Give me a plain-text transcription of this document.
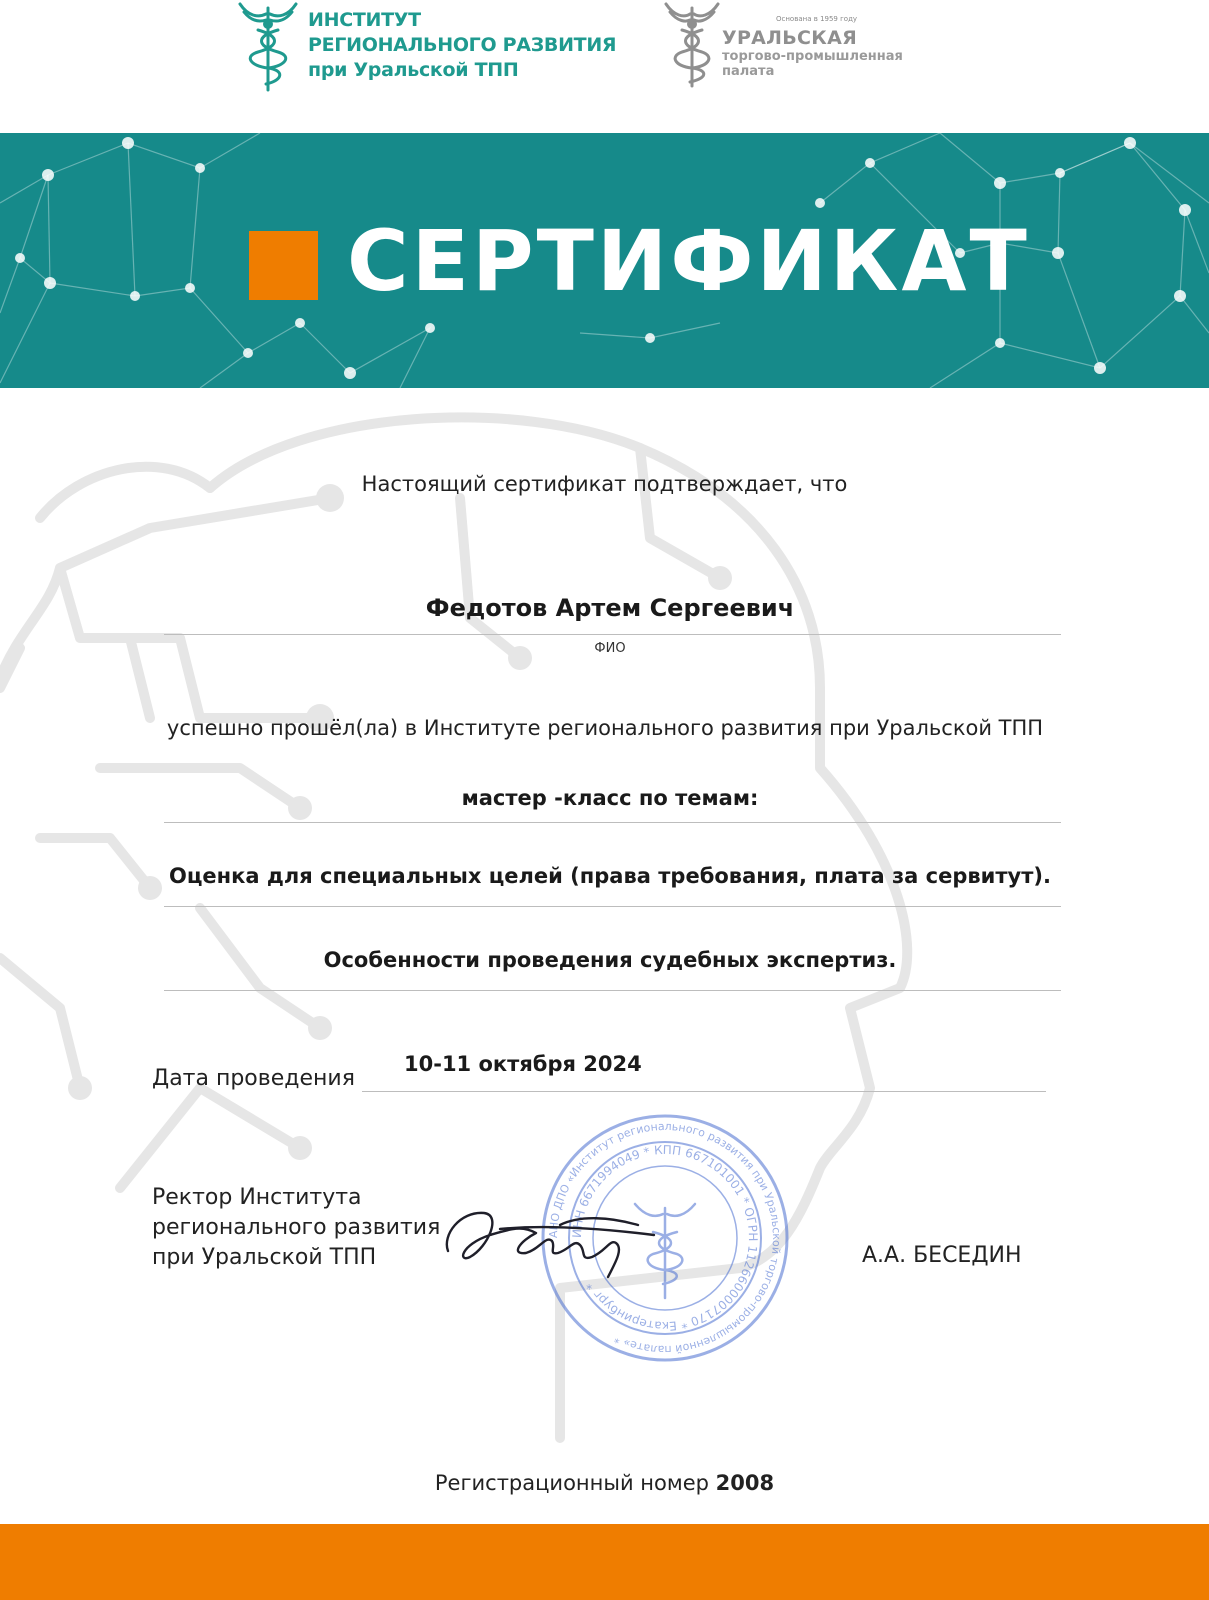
ИНСТИТУТ
РЕГИОНАЛЬНОГО РАЗВИТИЯ
при Уральской ТПП
Основана в 1959 году
УРАЛЬСКАЯ
торгово-промышленная
палата
СЕРТИФИКАТ
Настоящий сертификат подтверждает, что
Федотов Артем Сергеевич
ФИО
успешно прошёл(ла) в Институте регионального развития при Уральской ТПП
мастер -класс по темам:
Оценка для специальных целей (права требования, плата за сервитут).
Особенности проведения судебных экспертиз.
Дата проведения
10-11 октября 2024
Ректор Института
регионального развития
при Уральской ТПП
АНО ДПО «Институт регионального развития при Уральской торгово-промышленной палате» *
ИНН 6671994049 * КПП 667101001 * ОГРН 1126600007170 * Екатеринбург *
А.А. БЕСЕДИН
Регистрационный номер 2008
